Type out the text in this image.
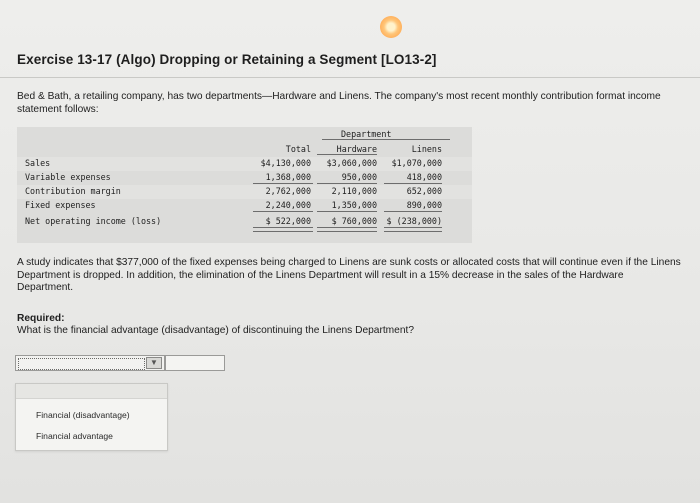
Exercise 13-17 (Algo) Dropping or Retaining a Segment [LO13-2]
Bed & Bath, a retailing company, has two departments—Hardware and Linens. The company's most recent monthly contribution format income statement follows:
Department
Total	Hardware	Linens
Sales	$4,130,000 $3,060,000 $1,070,000
Variable expenses	1,368,000	950,000	418,000
Contribution margin	2,762,000 2,110,000	652,000
Fixed expenses	2,240,000 1,350,000	890,000
Net operating income (loss)	$ 522,000 $ 760,000 $ (238,000)
A study indicates that $377,000 of the fixed expenses being charged to Linens are sunk costs or allocated costs that will continue even if the Linens Department is dropped. In addition, the elimination of the Linens Department will result in a 15% decrease in the sales of the Hardware Department.
Required:
What is the financial advantage (disadvantage) of discontinuing the Linens Department?
▼
Financial (disadvantage)
Financial advantage
